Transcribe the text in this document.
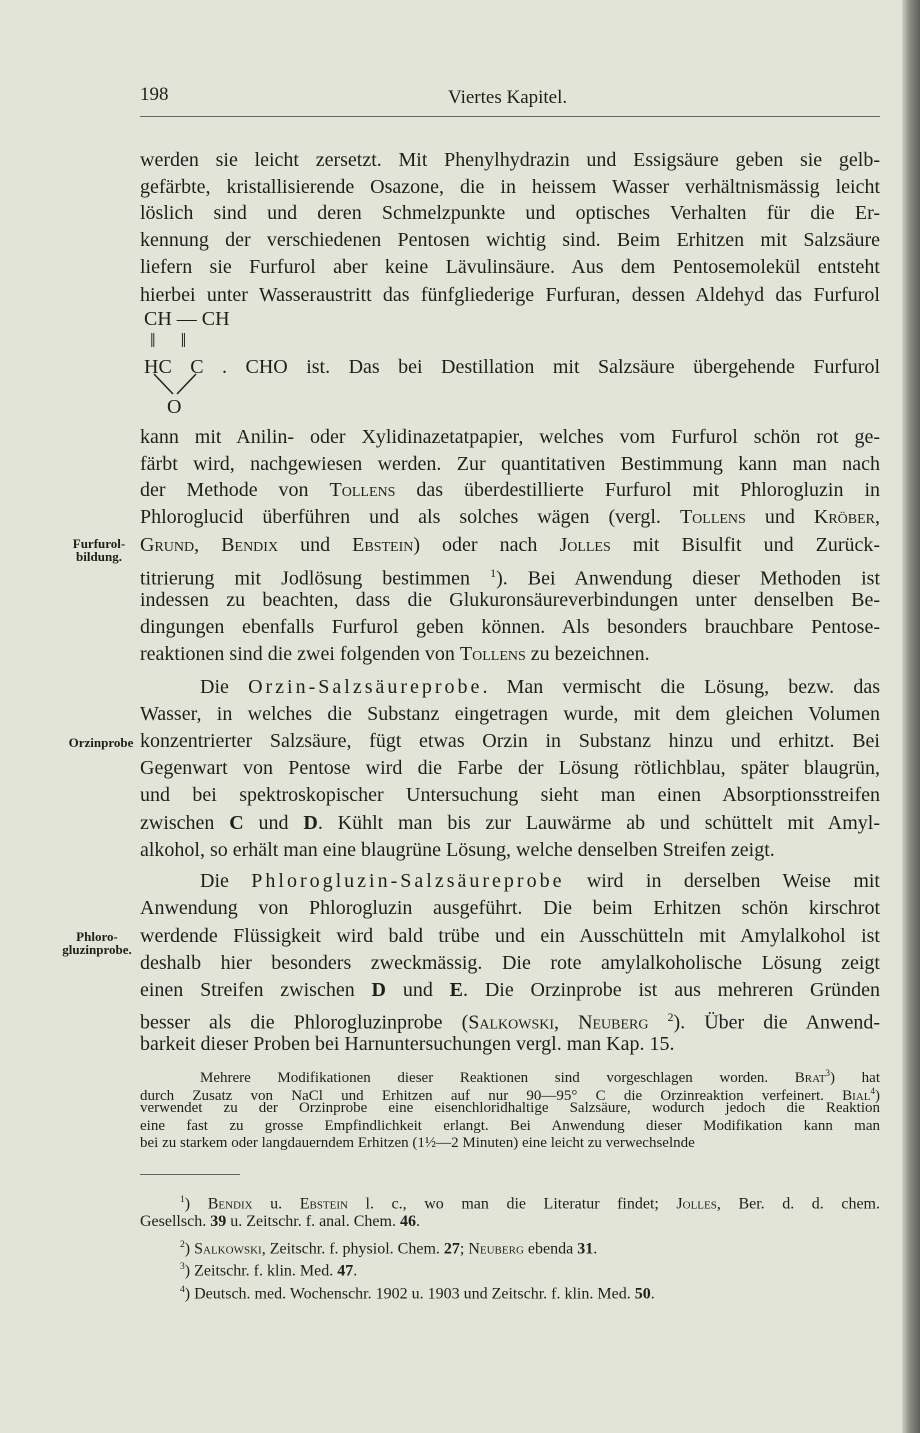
198	Viertes Kapitel.
CH — CH
‖     ‖
O
Furfurol-
bildung.
Orzinprobe
Phloro-
gluzinprobe.
werden sie leicht zersetzt. Mit Phenylhydrazin und Essigsäure geben sie gelb-
gefärbte, kristallisierende Osazone, die in heissem Wasser verhältnismässig leicht
löslich sind und deren Schmelzpunkte und optisches Verhalten für die Er-
kennung der verschiedenen Pentosen wichtig sind. Beim Erhitzen mit Salzsäure
liefern sie Furfurol aber keine Lävulinsäure. Aus dem Pentosemolekül entsteht
hierbei unter Wasseraustritt das fünfgliederige Furfuran, dessen Aldehyd das Furfurol
HC C . CHO ist. Das bei Destillation mit Salzsäure übergehende Furfurol
kann mit Anilin- oder Xylidinazetatpapier, welches vom Furfurol schön rot ge-
färbt wird, nachgewiesen werden. Zur quantitativen Bestimmung kann man nach
der Methode von Tollens das überdestillierte Furfurol mit Phlorogluzin in
Phloroglucid überführen und als solches wägen (vergl. Tollens und Kröber,
Grund, Bendix und Ebstein) oder nach Jolles mit Bisulfit und Zurück-
titrierung mit Jodlösung bestimmen $^1$). Bei Anwendung dieser Methoden ist
indessen zu beachten, dass die Glukuronsäureverbindungen unter denselben Be-
dingungen ebenfalls Furfurol geben können. Als besonders brauchbare Pentose-
reaktionen sind die zwei folgenden von Tollens zu bezeichnen.
Die Orzin-Salzsäureprobe. Man vermischt die Lösung, bezw. das
Wasser, in welches die Substanz eingetragen wurde, mit dem gleichen Volumen
konzentrierter Salzsäure, fügt etwas Orzin in Substanz hinzu und erhitzt. Bei
Gegenwart von Pentose wird die Farbe der Lösung rötlichblau, später blaugrün,
und bei spektroskopischer Untersuchung sieht man einen Absorptionsstreifen
zwischen C und D. Kühlt man bis zur Lauwärme ab und schüttelt mit Amyl-
alkohol, so erhält man eine blaugrüne Lösung, welche denselben Streifen zeigt.
Die Phlorogluzin-Salzsäureprobe wird in derselben Weise mit
Anwendung von Phlorogluzin ausgeführt. Die beim Erhitzen schön kirschrot
werdende Flüssigkeit wird bald trübe und ein Ausschütteln mit Amylalkohol ist
deshalb hier besonders zweckmässig. Die rote amylalkoholische Lösung zeigt
einen Streifen zwischen D und E. Die Orzinprobe ist aus mehreren Gründen
besser als die Phlorogluzinprobe (Salkowski, Neuberg $^2$). Über die Anwend-
barkeit dieser Proben bei Harnuntersuchungen vergl. man Kap. 15.
Mehrere Modifikationen dieser Reaktionen sind vorgeschlagen worden. Brat$^3$) hat
durch Zusatz von NaCl und Erhitzen auf nur 90—95° C die Orzinreaktion verfeinert. Bial$^4$)
verwendet zu der Orzinprobe eine eisenchloridhaltige Salzsäure, wodurch jedoch die Reaktion
eine fast zu grosse Empfindlichkeit erlangt. Bei Anwendung dieser Modifikation kann man
bei zu starkem oder langdauerndem Erhitzen (1½—2 Minuten) eine leicht zu verwechselnde
$^1$) Bendix u. Ebstein l. c., wo man die Literatur findet; Jolles, Ber. d. d. chem.
Gesellsch. 39 u. Zeitschr. f. anal. Chem. 46.
$^2$) Salkowski, Zeitschr. f. physiol. Chem. 27; Neuberg ebenda 31.
$^3$) Zeitschr. f. klin. Med. 47.
$^4$) Deutsch. med. Wochenschr. 1902 u. 1903 und Zeitschr. f. klin. Med. 50.
